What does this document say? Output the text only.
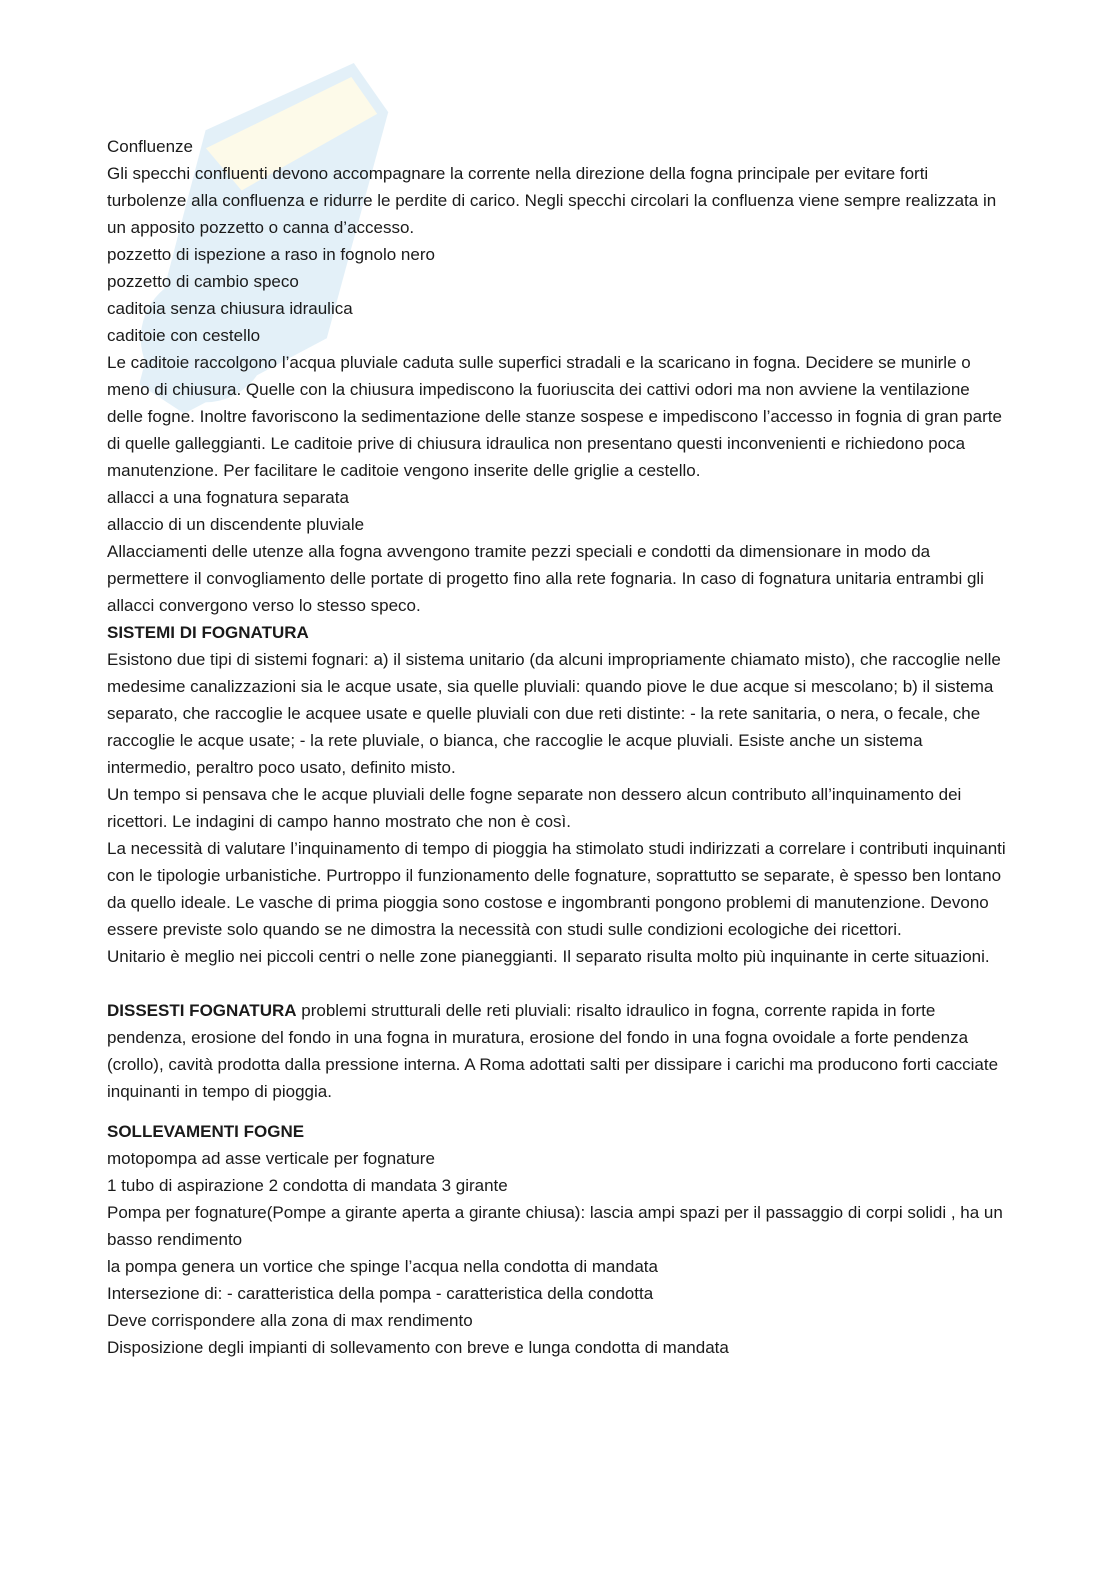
Confluenze

Gli specchi confluenti devono accompagnare la corrente nella direzione della fogna principale per evitare forti turbolenze alla confluenza e ridurre le perdite di carico. Negli specchi circolari la confluenza viene sempre realizzata in un apposito pozzetto o canna d’accesso.

pozzetto di ispezione a raso in fognolo nero

pozzetto di cambio speco

caditoia senza chiusura idraulica

caditoie con cestello

Le caditoie raccolgono l’acqua pluviale caduta sulle superfici stradali e la scaricano in fogna. Decidere se munirle o meno di chiusura. Quelle con la chiusura impediscono la fuoriuscita dei cattivi odori ma non avviene la ventilazione delle fogne. Inoltre favoriscono la sedimentazione delle stanze sospese e impediscono l’accesso in fognia di gran parte di quelle galleggianti. Le caditoie prive di chiusura idraulica non presentano questi inconvenienti e richiedono poca manutenzione. Per facilitare le caditoie vengono inserite delle griglie a cestello.

allacci a una fognatura separata

allaccio di un discendente pluviale

Allacciamenti delle utenze alla fogna avvengono tramite pezzi speciali e condotti da dimensionare in modo da permettere il convogliamento delle portate di progetto fino alla rete fognaria. In caso di fognatura unitaria entrambi gli allacci convergono verso lo stesso speco.

SISTEMI DI FOGNATURA

Esistono due tipi di sistemi fognari: a) il sistema unitario (da alcuni impropriamente chiamato misto), che raccoglie nelle medesime canalizzazioni sia le acque usate, sia quelle pluviali: quando piove le due acque si mescolano; b) il sistema separato, che raccoglie le acquee usate e quelle pluviali con due reti distinte: - la rete sanitaria, o nera, o fecale, che raccoglie le acque usate; - la rete pluviale, o bianca, che raccoglie le acque pluviali. Esiste anche un sistema intermedio, peraltro poco usato, definito misto.

Un tempo si pensava che le acque pluviali delle fogne separate non dessero alcun contributo all’inquinamento dei ricettori. Le indagini di campo hanno mostrato che non è così.

La necessità di valutare l’inquinamento di tempo di pioggia ha stimolato studi indirizzati a correlare i contributi inquinanti con le tipologie urbanistiche. Purtroppo il funzionamento delle fognature, soprattutto se separate, è spesso ben lontano da quello ideale. Le vasche di prima pioggia sono costose e ingombranti pongono problemi di manutenzione. Devono essere previste solo quando se ne dimostra la necessità con studi sulle condizioni ecologiche dei ricettori.

Unitario è meglio nei piccoli centri o nelle zone pianeggianti. Il separato risulta molto più inquinante in certe situazioni.

DISSESTI FOGNATURA problemi strutturali delle reti pluviali: risalto idraulico in fogna, corrente rapida in forte pendenza, erosione del fondo in una fogna in muratura, erosione del fondo in una fogna ovoidale a forte pendenza (crollo), cavità prodotta dalla pressione interna. A Roma adottati salti per dissipare i carichi ma producono forti cacciate inquinanti in tempo di pioggia.

SOLLEVAMENTI FOGNE

motopompa ad asse verticale per fognature

1 tubo di aspirazione 2 condotta di mandata 3 girante

Pompa per fognature(Pompe a girante aperta a girante chiusa): lascia ampi spazi per il passaggio di corpi solidi , ha un basso rendimento

la pompa genera un vortice che spinge l’acqua nella condotta di mandata

Intersezione di: - caratteristica della pompa - caratteristica della condotta

Deve corrispondere alla zona di max rendimento

Disposizione degli impianti di sollevamento con breve e lunga condotta di mandata
